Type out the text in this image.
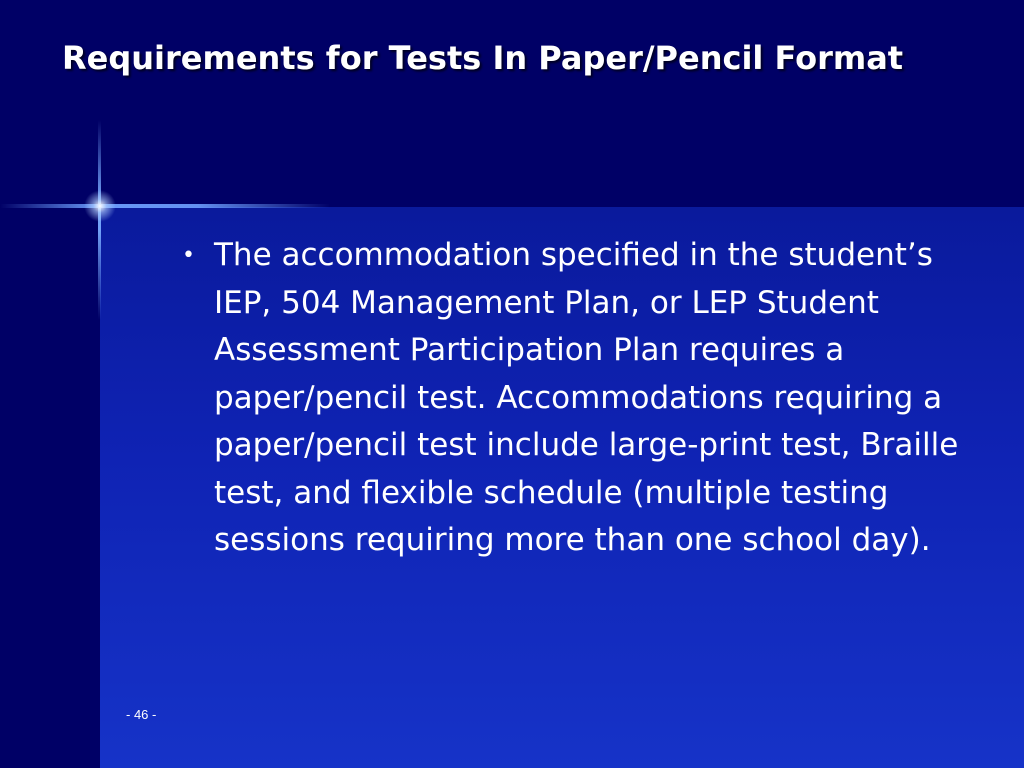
Requirements for Tests In Paper/Pencil Format
• The accommodation specified in the student’s IEP, 504 Management Plan, or LEP Student Assessment Participation Plan requires a paper/pencil test. Accommodations requiring a paper/pencil test include large-print test, Braille test, and flexible schedule (multiple testing sessions requiring more than one school day).
- 46 -
